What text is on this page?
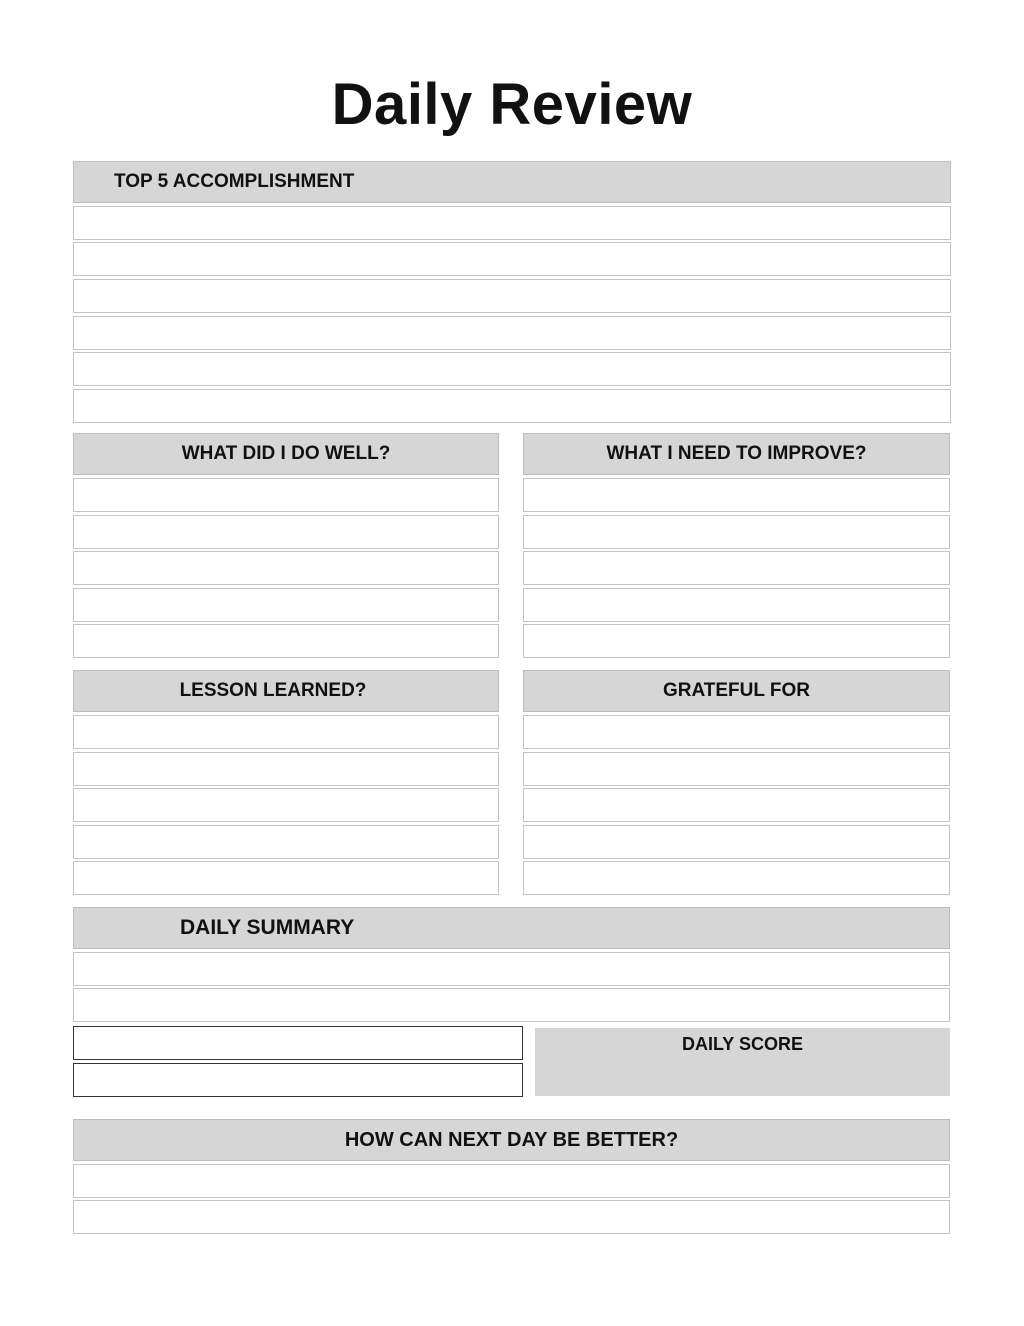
Daily Review
TOP 5 ACCOMPLISHMENT
WHAT DID I DO WELL?	WHAT I NEED TO IMPROVE?
LESSON LEARNED?	GRATEFUL FOR
DAILY SUMMARY
DAILY SCORE
HOW CAN NEXT DAY BE BETTER?
